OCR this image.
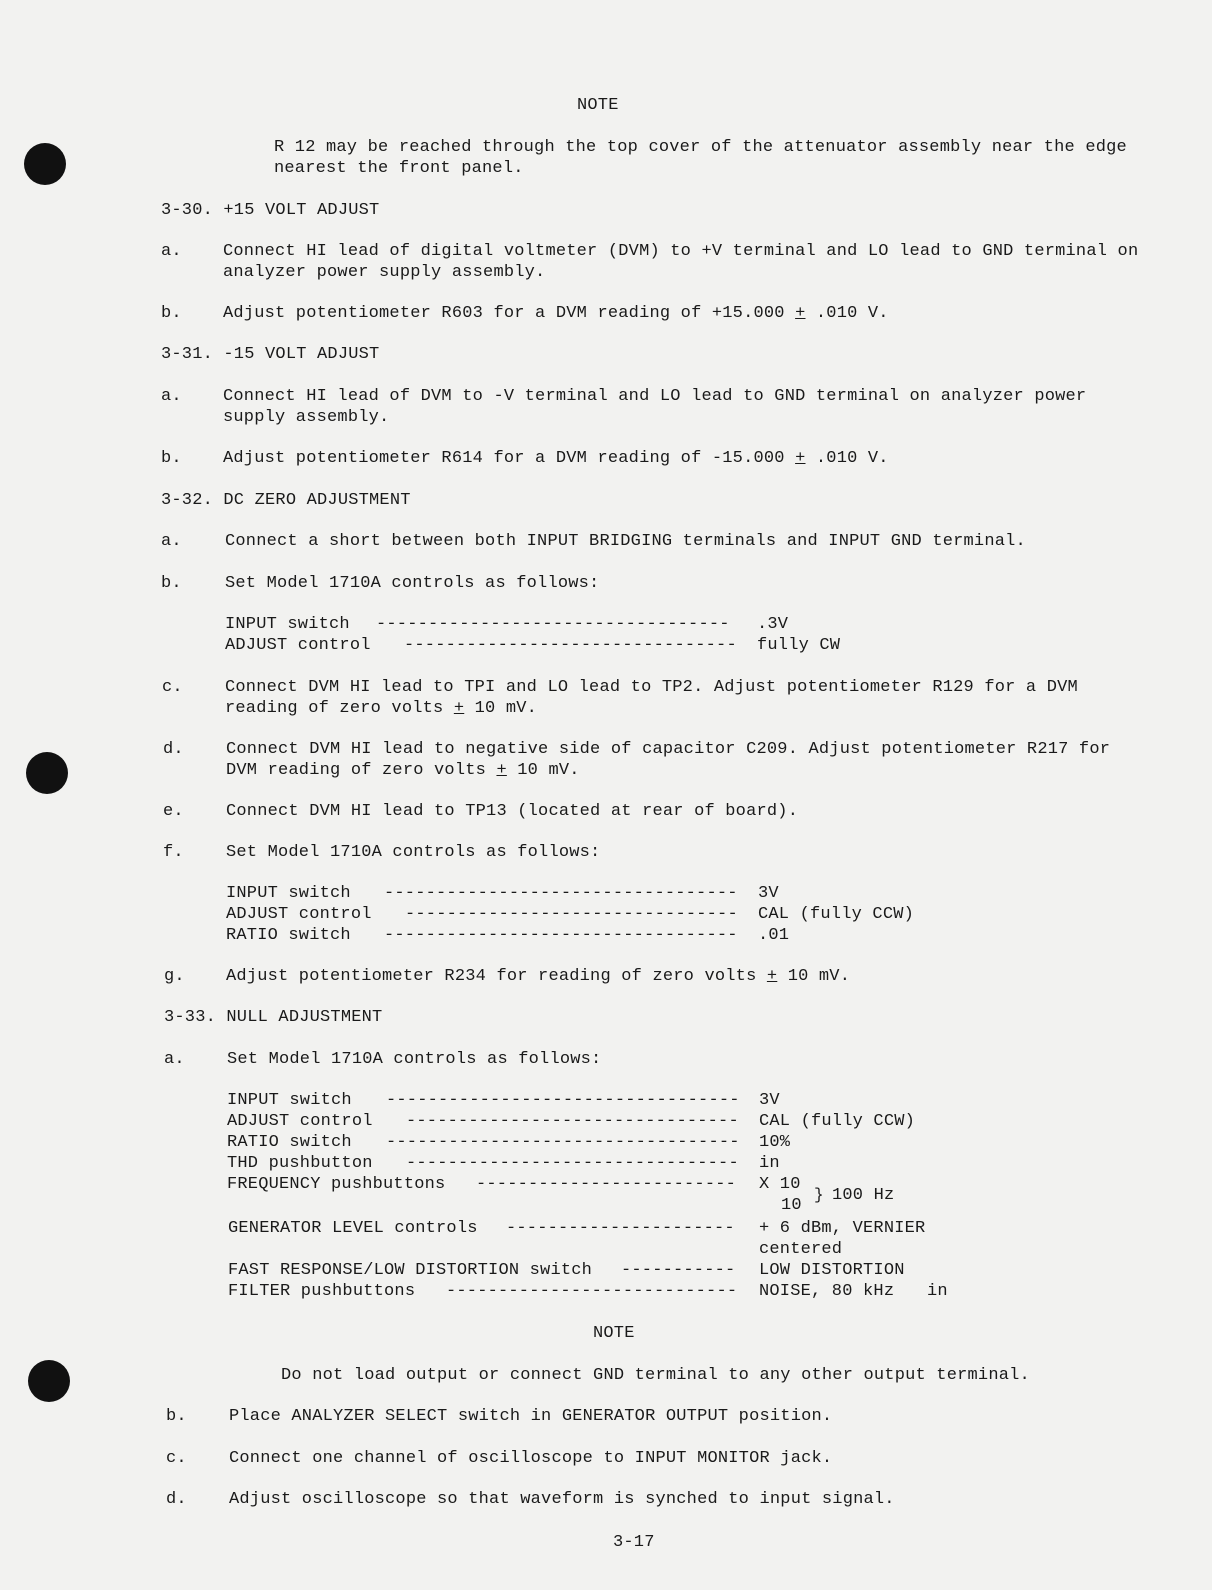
NOTE
R 12 may be reached through the top cover of the attenuator assembly near the edge
nearest the front panel.
3-30. +15 VOLT ADJUST
a. Connect HI lead of digital voltmeter (DVM) to +V terminal and LO lead to GND terminal on
analyzer power supply assembly.
b. Adjust potentiometer R603 for a DVM reading of +15.000 + .010 V.
3-31. -15 VOLT ADJUST
a. Connect HI lead of DVM to -V terminal and LO lead to GND terminal on analyzer power
supply assembly.
b. Adjust potentiometer R614 for a DVM reading of -15.000 + .010 V.
3-32. DC ZERO ADJUSTMENT
a.	Connect a short between both INPUT BRIDGING terminals and INPUT GND terminal.
b.	Set Model 1710A controls as follows:
INPUT switch ---------------------------------- .3V
ADJUST control -------------------------------- fully CW
c. Connect DVM HI lead to TPI and LO lead to TP2. Adjust potentiometer R129 for a DVM
reading of zero volts + 10 mV.
d. Connect DVM HI lead to negative side of capacitor C209. Adjust potentiometer R217 for
DVM reading of zero volts + 10 mV.
e. Connect DVM HI lead to TP13 (located at rear of board).
f. Set Model 1710A controls as follows:
INPUT switch ---------------------------------- 3V
ADJUST control -------------------------------- CAL (fully CCW)
RATIO switch ---------------------------------- .01
g. Adjust potentiometer R234 for reading of zero volts + 10 mV.
3-33. NULL ADJUSTMENT
a. Set Model 1710A controls as follows:
INPUT switch ---------------------------------- 3V
ADJUST control -------------------------------- CAL (fully CCW)
RATIO switch ---------------------------------- 10%
THD pushbutton -------------------------------- in
FREQUENCY pushbuttons ------------------------- X 10
10
} 100 Hz
GENERATOR LEVEL controls ---------------------- + 6 dBm, VERNIER
centered
FAST RESPONSE/LOW DISTORTION switch ----------- LOW DISTORTION
FILTER pushbuttons ---------------------------- NOISE, 80 kHz in
NOTE
Do not load output or connect GND terminal to any other output terminal.
b. Place ANALYZER SELECT switch in GENERATOR OUTPUT position.
c. Connect one channel of oscilloscope to INPUT MONITOR jack.
d. Adjust oscilloscope so that waveform is synched to input signal.
3-17
